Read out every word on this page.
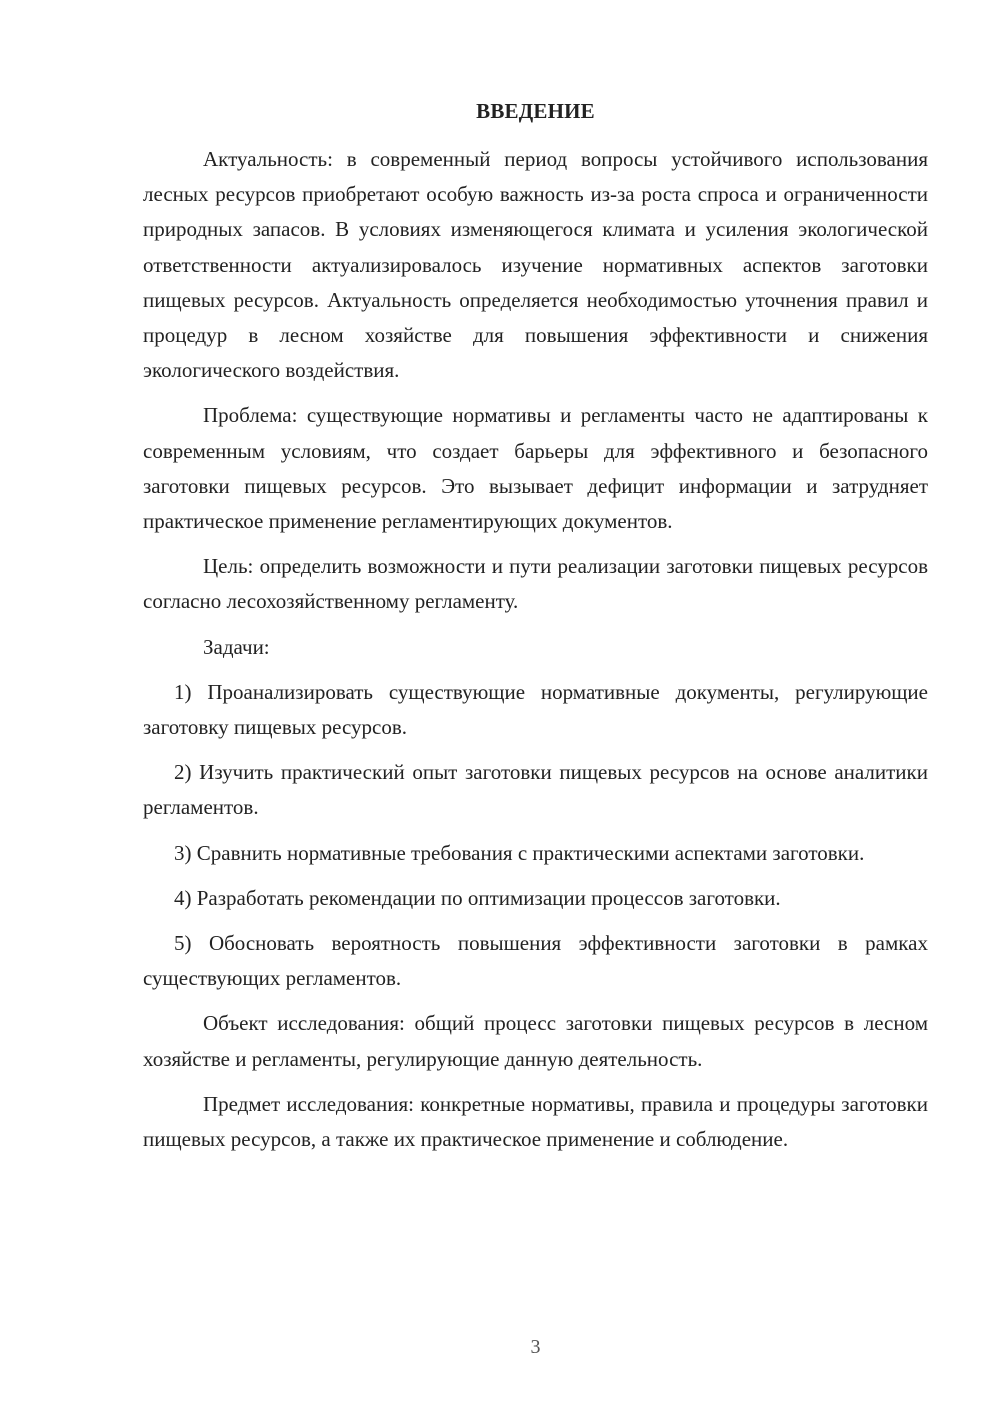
ВВЕДЕНИЕ

Актуальность: в современный период вопросы устойчивого использования лесных ресурсов приобретают особую важность из-за роста спроса и ограниченности природных запасов. В условиях изменяющегося климата и усиления экологической ответственности актуализировалось изучение нормативных аспектов заготовки пищевых ресурсов. Актуальность определяется необходимостью уточнения правил и процедур в лесном хозяйстве для повышения эффективности и снижения экологического воздействия.

Проблема: существующие нормативы и регламенты часто не адаптированы к современным условиям, что создает барьеры для эффективного и безопасного заготовки пищевых ресурсов. Это вызывает дефицит информации и затрудняет практическое применение регламентирующих документов.

Цель: определить возможности и пути реализации заготовки пищевых ресурсов согласно лесохозяйственному регламенту.

Задачи:

1) Проанализировать существующие нормативные документы, регулирующие заготовку пищевых ресурсов.

2) Изучить практический опыт заготовки пищевых ресурсов на основе аналитики регламентов.

3) Сравнить нормативные требования с практическими аспектами заготовки.

4) Разработать рекомендации по оптимизации процессов заготовки.

5) Обосновать вероятность повышения эффективности заготовки в рамках существующих регламентов.

Объект исследования: общий процесс заготовки пищевых ресурсов в лесном хозяйстве и регламенты, регулирующие данную деятельность.

Предмет исследования: конкретные нормативы, правила и процедуры заготовки пищевых ресурсов, а также их практическое применение и соблюдение.

3
